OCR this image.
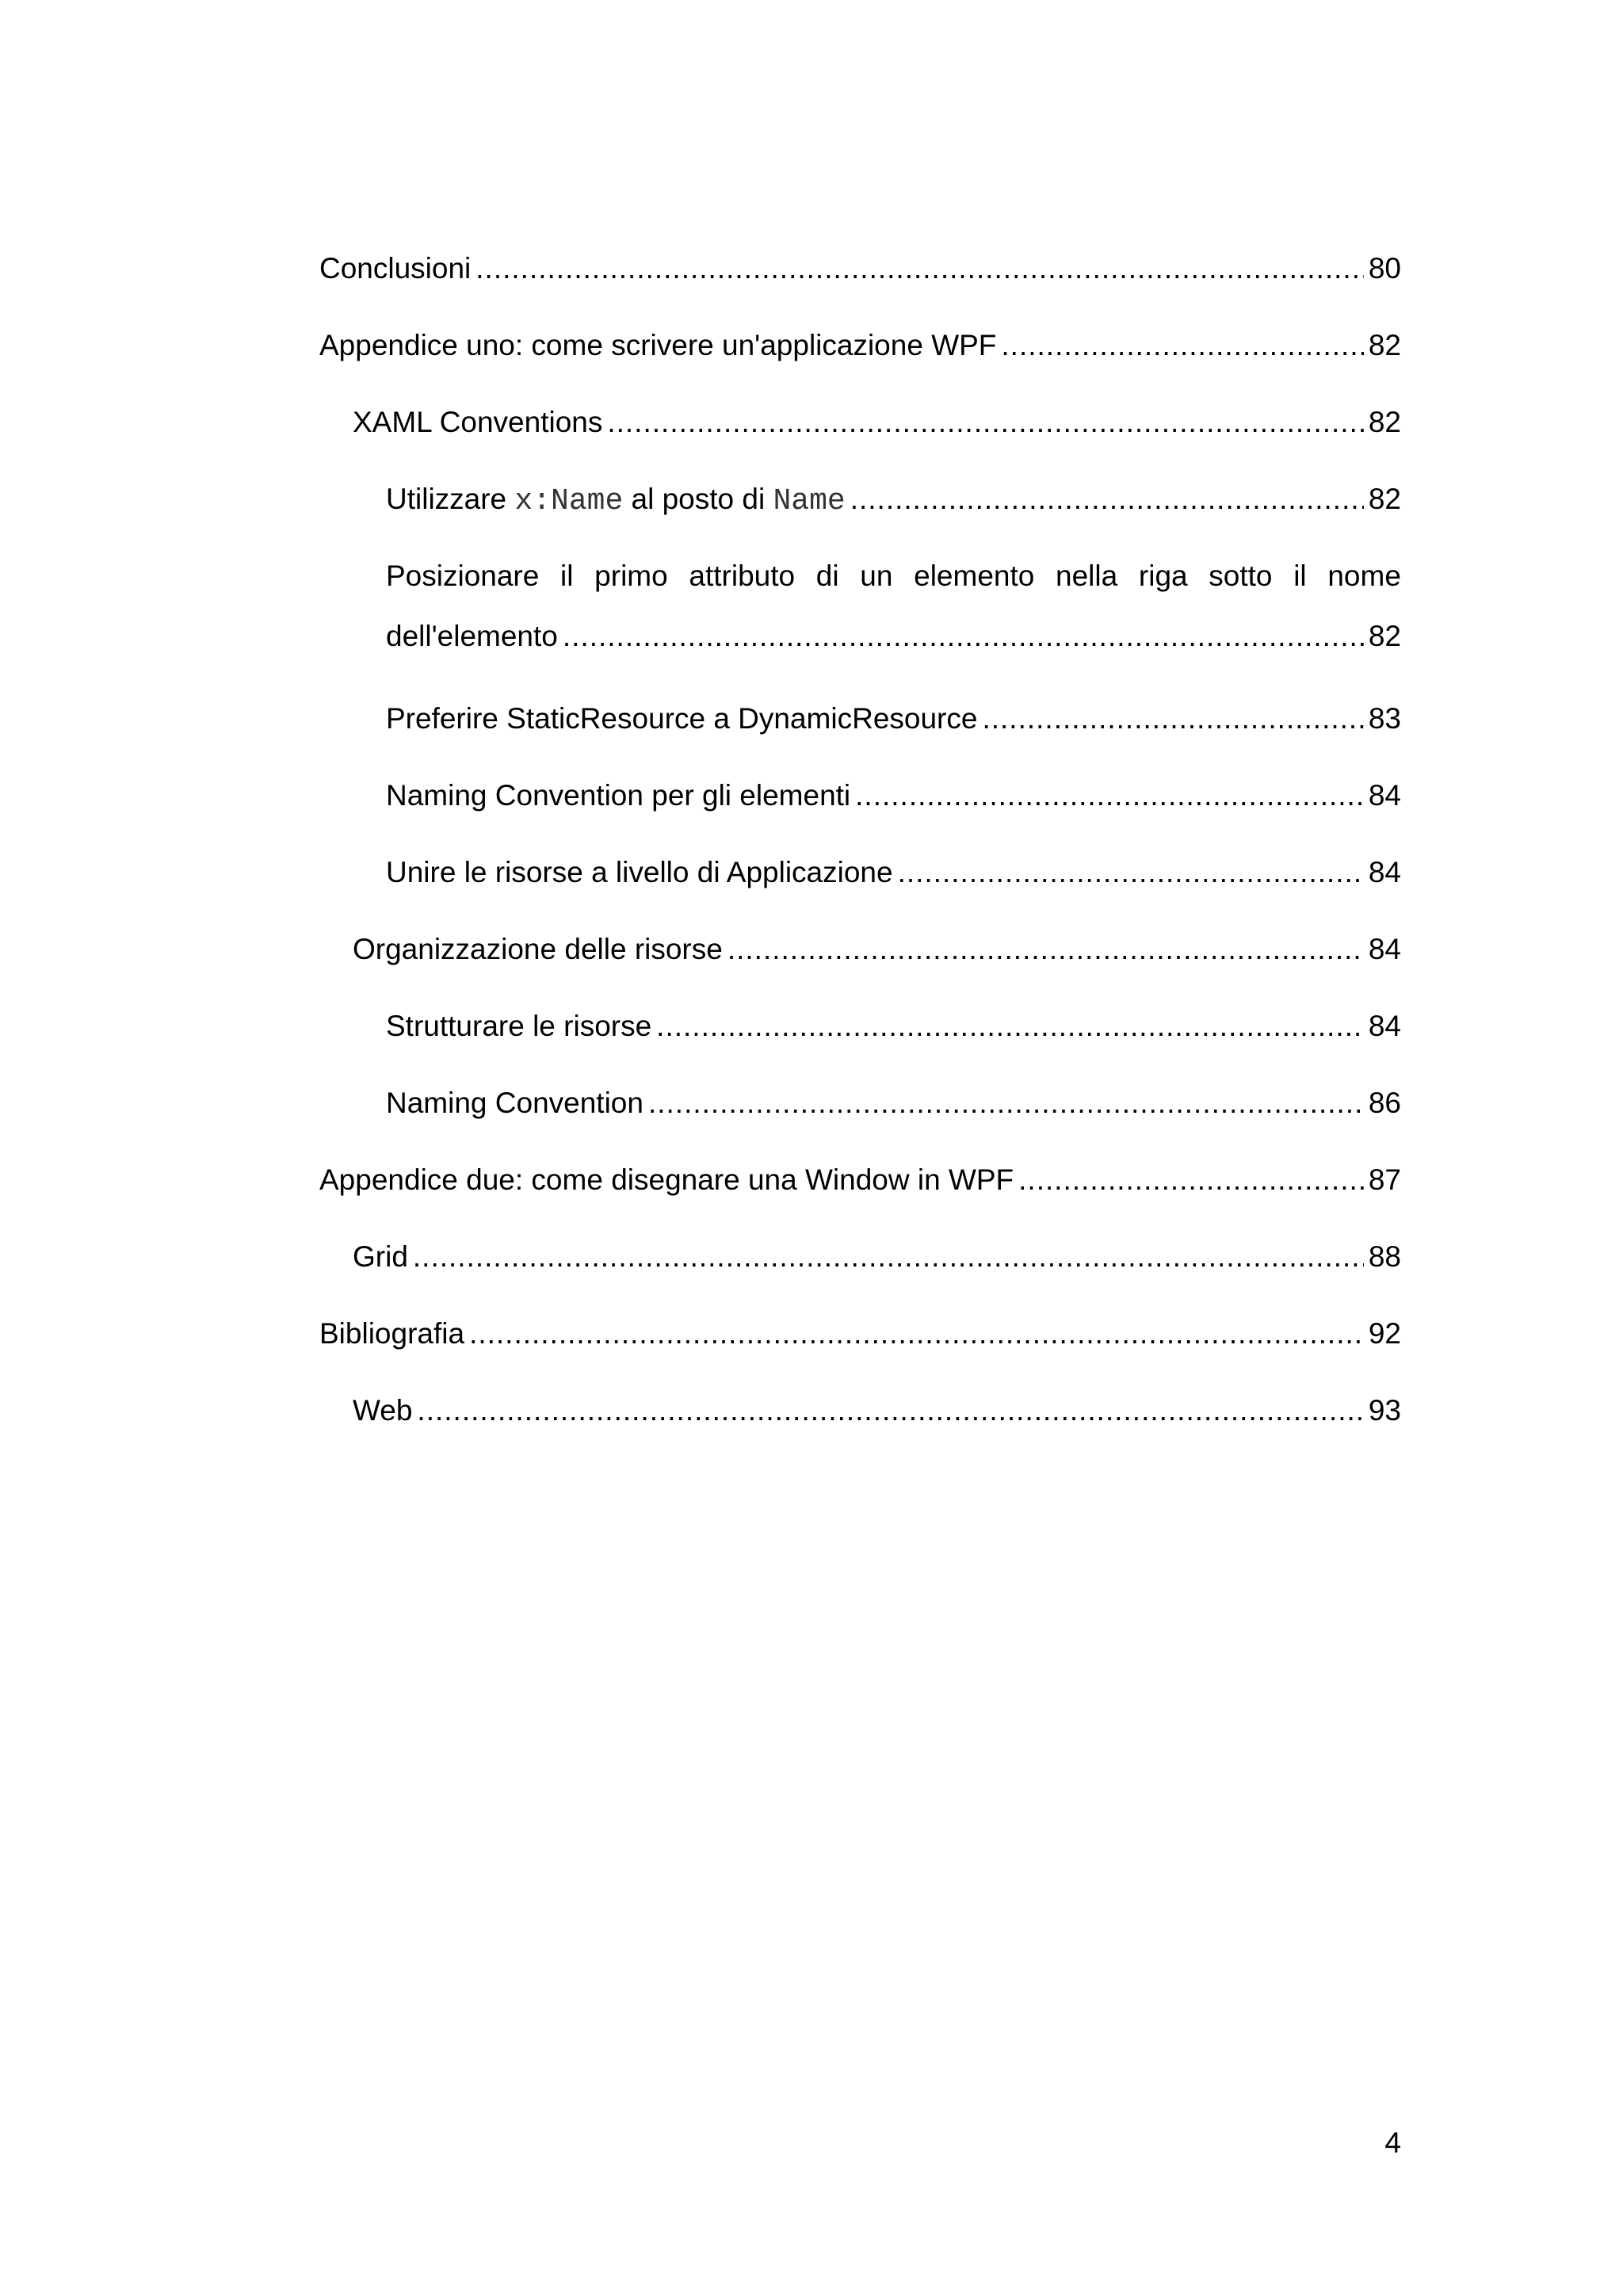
Conclusioni .....	80
Appendice uno: come scrivere un'applicazione WPF .....	82
XAML Conventions .....	82
Utilizzare x:Name al posto di Name .....	82
Posizionare il primo attributo di un elemento nella riga sotto il nome
dell'elemento .....	82
Preferire StaticResource a DynamicResource .....	83
Naming Convention per gli elementi .....	84
Unire le risorse a livello di Applicazione .....	84
Organizzazione delle risorse .....	84
Strutturare le risorse .....	84
Naming Convention .....	86
Appendice due: come disegnare una Window in WPF .....	87
Grid .....	88
Bibliografia .....	92
Web .....	93
4
